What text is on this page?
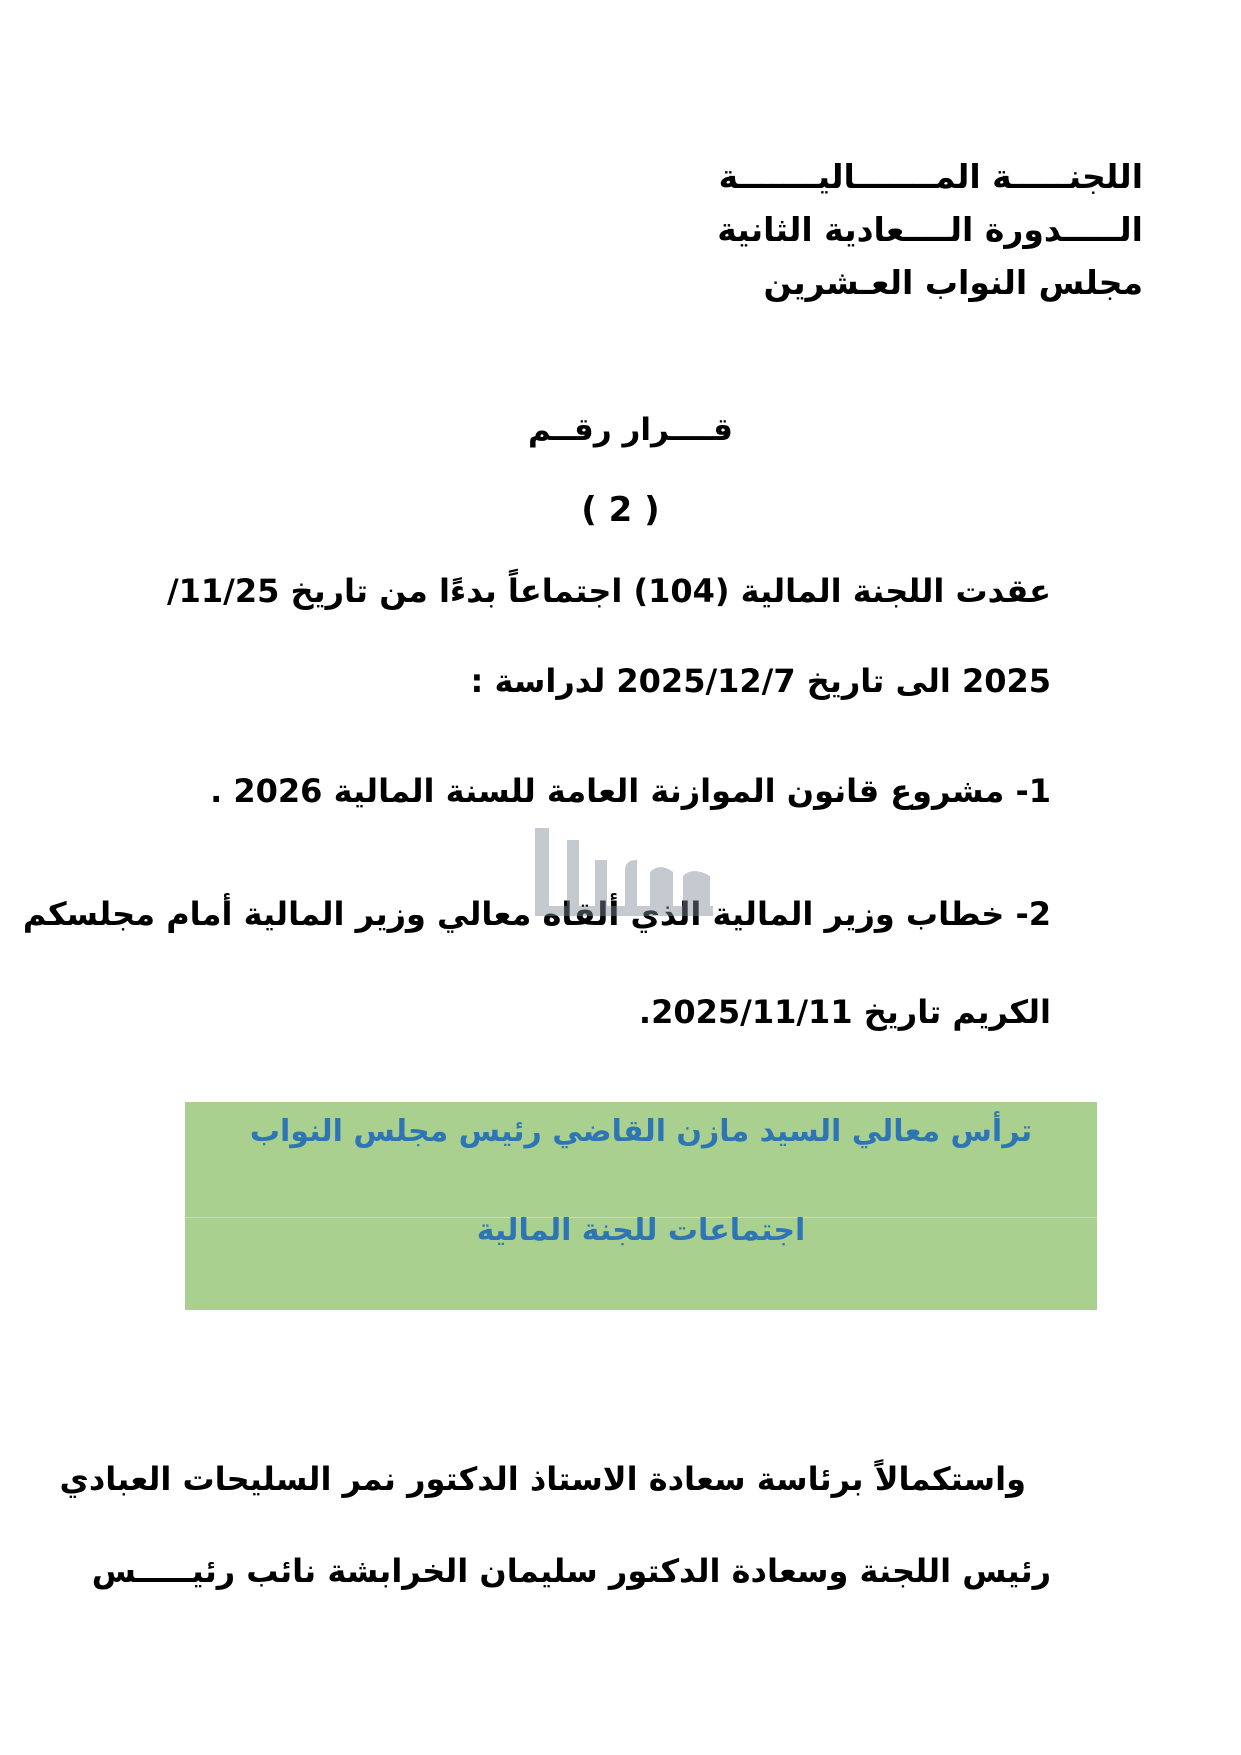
اللجنـــــة المـــــــاليـــــــة
الـــــدورة الــــعادية الثانية
مجلس النواب العـشرين
قــــرار رقــم
( 2 )
عقدت اللجنة المالية (104) اجتماعاً بدءًا من تاريخ 11/25/
2025 الى تاريخ 2025/12/7 لدراسة :
1- مشروع قانون الموازنة العامة للسنة المالية 2026 .
2- خطاب وزير المالية الذي ألقاه معالي وزير المالية أمام مجلسكم
الكريم تاريخ 2025/11/11.
ترأس معالي السيد مازن القاضي رئيس مجلس النواب
اجتماعات للجنة المالية
واستكمالاً برئاسة سعادة الاستاذ الدكتور نمر السليحات العبادي
رئيس اللجنة وسعادة الدكتور سليمان الخرابشة نائب رئيـــــس
